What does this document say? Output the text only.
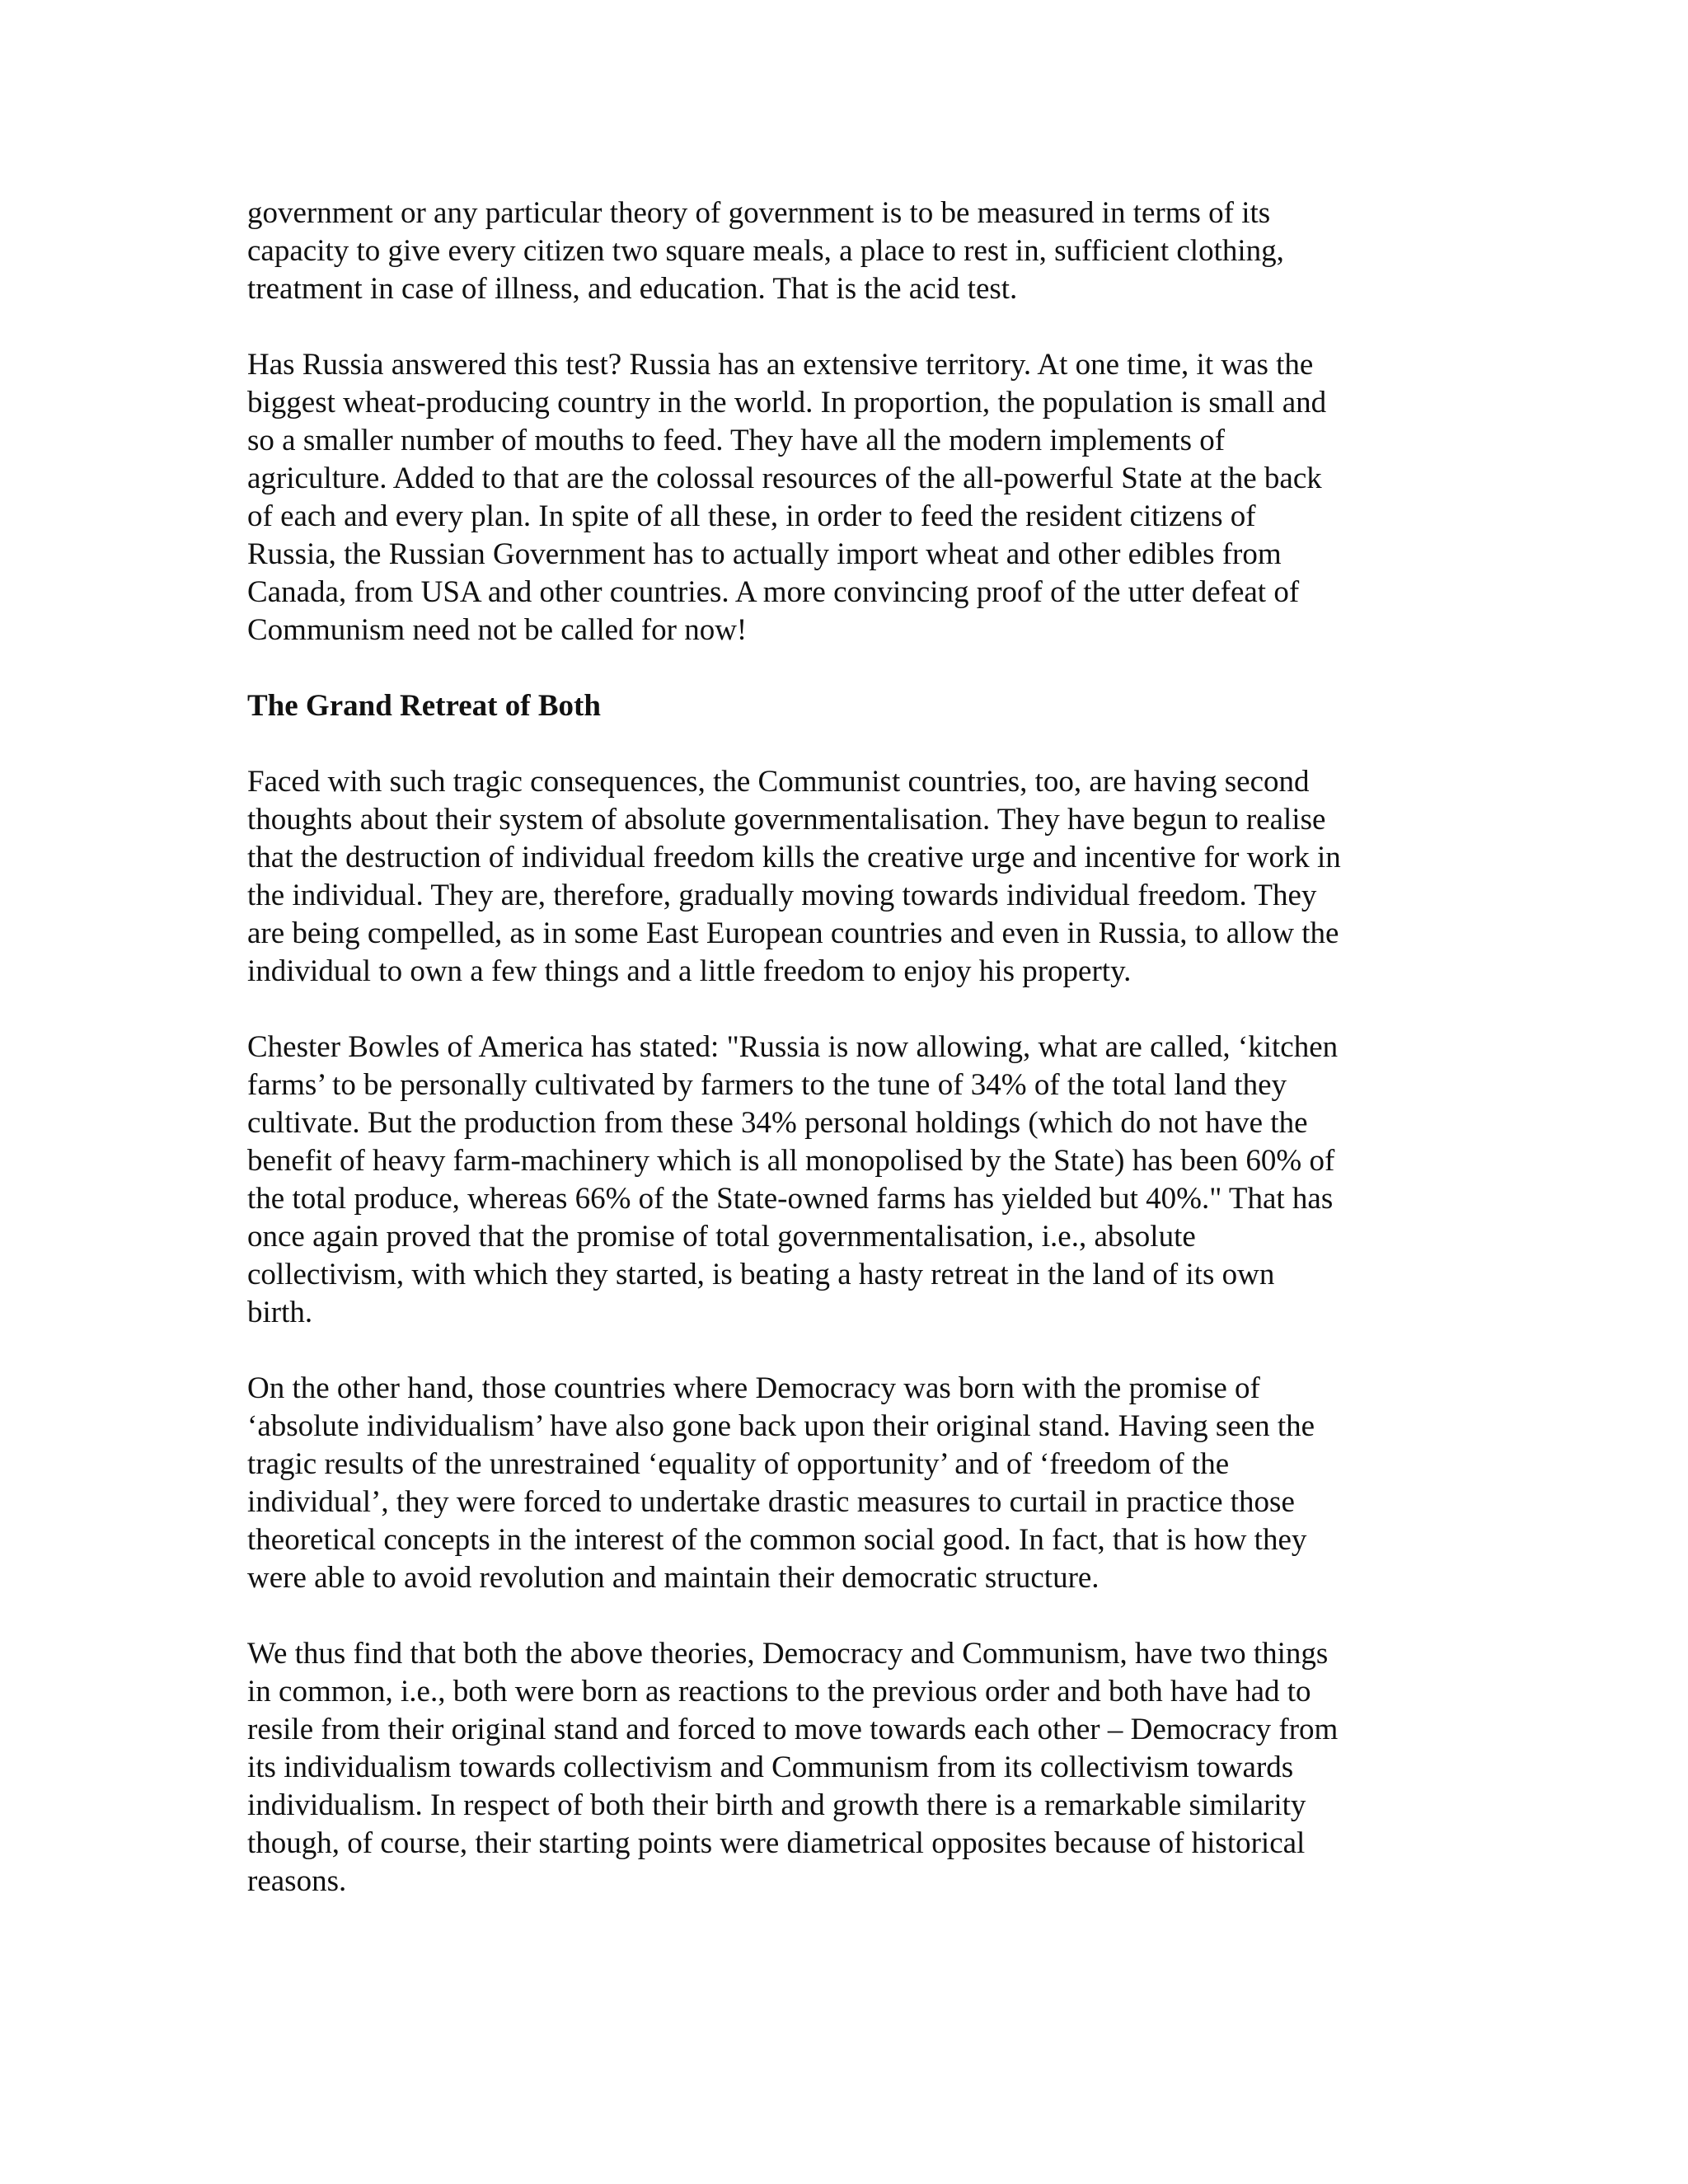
government or any particular theory of government is to be measured in terms of its
capacity to give every citizen two square meals, a place to rest in, sufficient clothing,
treatment in case of illness, and education. That is the acid test.
Has Russia answered this test? Russia has an extensive territory. At one time, it was the
biggest wheat-producing country in the world. In proportion, the population is small and
so a smaller number of mouths to feed. They have all the modern implements of
agriculture. Added to that are the colossal resources of the all-powerful State at the back
of each and every plan. In spite of all these, in order to feed the resident citizens of
Russia, the Russian Government has to actually import wheat and other edibles from
Canada, from USA and other countries. A more convincing proof of the utter defeat of
Communism need not be called for now!
The Grand Retreat of Both
Faced with such tragic consequences, the Communist countries, too, are having second
thoughts about their system of absolute governmentalisation. They have begun to realise
that the destruction of individual freedom kills the creative urge and incentive for work in
the individual. They are, therefore, gradually moving towards individual freedom. They
are being compelled, as in some East European countries and even in Russia, to allow the
individual to own a few things and a little freedom to enjoy his property.
Chester Bowles of America has stated: "Russia is now allowing, what are called, ‘kitchen
farms’ to be personally cultivated by farmers to the tune of 34% of the total land they
cultivate. But the production from these 34% personal holdings (which do not have the
benefit of heavy farm-machinery which is all monopolised by the State) has been 60% of
the total produce, whereas 66% of the State-owned farms has yielded but 40%." That has
once again proved that the promise of total governmentalisation, i.e., absolute
collectivism, with which they started, is beating a hasty retreat in the land of its own
birth.
On the other hand, those countries where Democracy was born with the promise of
‘absolute individualism’ have also gone back upon their original stand. Having seen the
tragic results of the unrestrained ‘equality of opportunity’ and of ‘freedom of the
individual’, they were forced to undertake drastic measures to curtail in practice those
theoretical concepts in the interest of the common social good. In fact, that is how they
were able to avoid revolution and maintain their democratic structure.
We thus find that both the above theories, Democracy and Communism, have two things
in common, i.e., both were born as reactions to the previous order and both have had to
resile from their original stand and forced to move towards each other – Democracy from
its individualism towards collectivism and Communism from its collectivism towards
individualism. In respect of both their birth and growth there is a remarkable similarity
though, of course, their starting points were diametrical opposites because of historical
reasons.
